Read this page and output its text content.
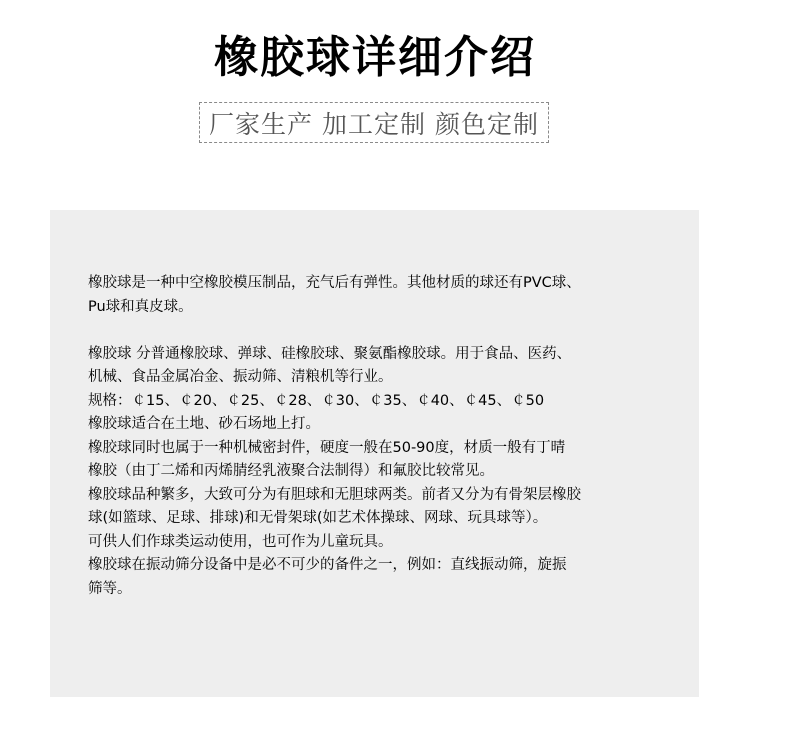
橡胶球详细介绍
厂家生产 加工定制 颜色定制

橡胶球是一种中空橡胶模压制品，充气后有弹性。其他材质的球还有PVC球、

Pu球和真皮球。

橡胶球 分普通橡胶球、弹球、硅橡胶球、聚氨酯橡胶球。用于食品、医药、

机械、食品金属冶金、振动筛、清粮机等行业。

规格：￠15、￠20、￠25、￠28、￠30、￠35、￠40、￠45、￠50

橡胶球适合在土地、砂石场地上打。

橡胶球同时也属于一种机械密封件，硬度一般在50-90度，材质一般有丁晴

橡胶（由丁二烯和丙烯腈经乳液聚合法制得）和氟胶比较常见。

橡胶球品种繁多，大致可分为有胆球和无胆球两类。前者又分为有骨架层橡胶

球(如篮球、足球、排球)和无骨架球(如艺术体操球、网球、玩具球等）。

可供人们作球类运动使用，也可作为儿童玩具。

橡胶球在振动筛分设备中是必不可少的备件之一，例如：直线振动筛，旋振

筛等。
